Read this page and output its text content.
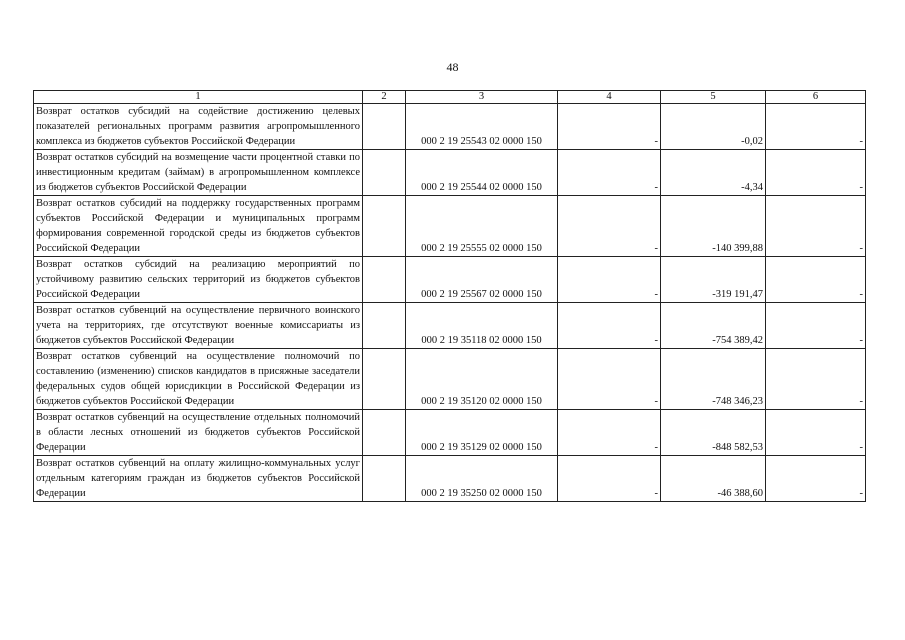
48
1	2	3	4	5	6
Возврат остатков субсидий на содействие достижению целевых показателей региональных программ развития агропромышленного комплекса из бюджетов субъектов Российской Федерации		000 2 19 25543 02 0000 150	-	-0,02	-
Возврат остатков субсидий на возмещение части процентной ставки по инвестиционным кредитам (займам) в агропромышленном комплексе из бюджетов субъектов Российской Федерации		000 2 19 25544 02 0000 150	-	-4,34	-
Возврат остатков субсидий на поддержку государственных программ субъектов Российской Федерации и муниципальных программ формирования современной городской среды из бюджетов субъектов Российской Федерации		000 2 19 25555 02 0000 150	-	-140 399,88	-
Возврат остатков субсидий на реализацию мероприятий по устойчивому развитию сельских территорий из бюджетов субъектов Российской Федерации		000 2 19 25567 02 0000 150	-	-319 191,47	-
Возврат остатков субвенций на осуществление первичного воинского учета на территориях, где отсутствуют военные комиссариаты из бюджетов субъектов Российской Федерации		000 2 19 35118 02 0000 150	-	-754 389,42	-
Возврат остатков субвенций на осуществление полномочий по составлению (изменению) списков кандидатов в присяжные заседатели федеральных судов общей юрисдикции в Российской Федерации из бюджетов субъектов Российской Федерации		000 2 19 35120 02 0000 150	-	-748 346,23	-
Возврат остатков субвенций на осуществление отдельных полномочий в области лесных отношений из бюджетов субъектов Российской Федерации		000 2 19 35129 02 0000 150	-	-848 582,53	-
Возврат остатков субвенций на оплату жилищно-коммунальных услуг отдельным категориям граждан из бюджетов субъектов Российской Федерации		000 2 19 35250 02 0000 150	-	-46 388,60	-
